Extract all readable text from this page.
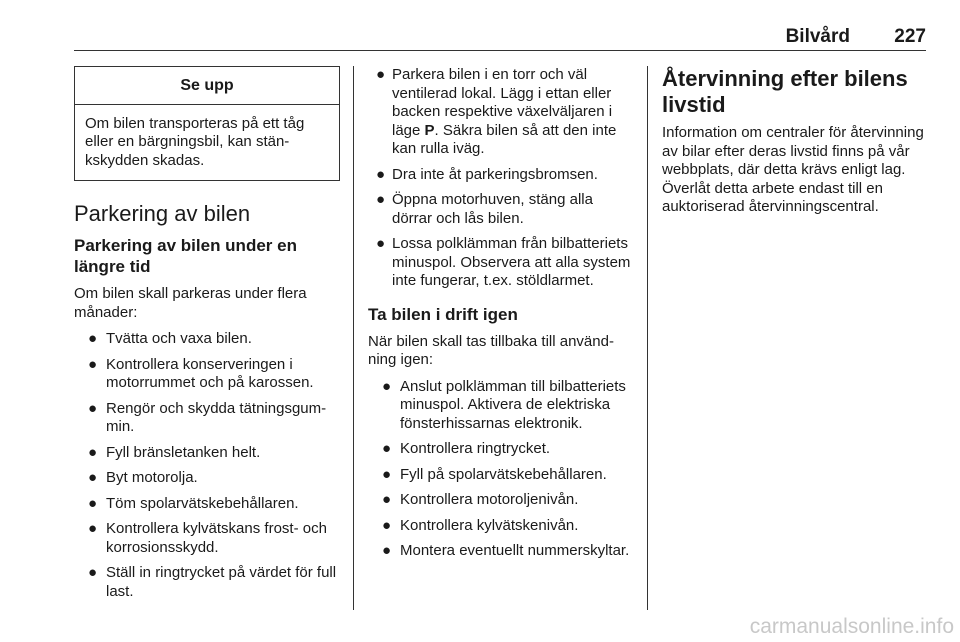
Bilvård 227
Se upp
Om bilen transporteras på ett tåg eller en bärgningsbil, kan stänkskydden skadas.
Parkering av bilen
Parkering av bilen under en längre tid

Om bilen skall parkeras under flera månader:

● Tvätta och vaxa bilen.
● Kontrollera konserveringen i motorrummet och på karossen.
● Rengör och skydda tätningsgummin.
● Fyll bränsletanken helt.
● Byt motorolja.
● Töm spolarvätskebehållaren.
● Kontrollera kylvätskans frost- och korrosionsskydd.
● Ställ in ringtrycket på värdet för full last.
● Parkera bilen i en torr och väl ventilerad lokal. Lägg i ettan eller backen respektive växelväljaren i läge P. Säkra bilen så att den inte kan rulla iväg.
● Dra inte åt parkeringsbromsen.
● Öppna motorhuven, stäng alla dörrar och lås bilen.
● Lossa polklämman från bilbatteriets minuspol. Observera att alla system inte fungerar, t.ex. stöldlarmet.
Ta bilen i drift igen

När bilen skall tas tillbaka till användning igen:

● Anslut polklämman till bilbatteriets minuspol. Aktivera de elektriska fönsterhissarnas elektronik.
● Kontrollera ringtrycket.
● Fyll på spolarvätskebehållaren.
● Kontrollera motoroljenivån.
● Kontrollera kylvätskenivån.
● Montera eventuellt nummerskyltar.
Återvinning efter bilens livstid

Information om centraler för återvinning av bilar efter deras livstid finns på vår webbplats, där detta krävs enligt lag. Överlåt detta arbete endast till en auktoriserad återvinningscentral.

carmanualsonline.info
